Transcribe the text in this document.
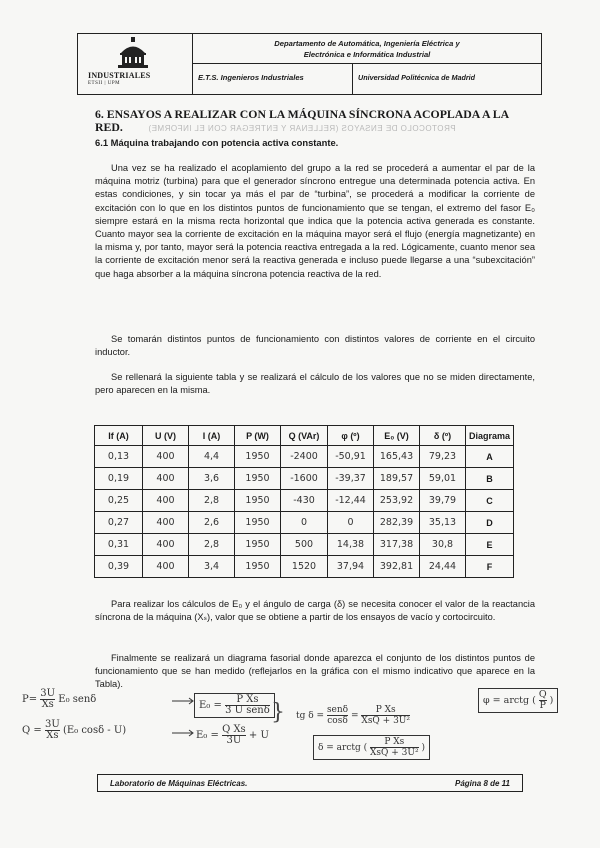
INDUSTRIALES
ETSII | UPM
Departamento de Automática, Ingeniería Eléctrica y
Electrónica e Informática Industrial
E.T.S. Ingenieros Industriales	Universidad Politécnica de Madrid
PROTOCOLO DE ENSAYOS (RELLENAR Y ENTREGAR CON EL INFORME)
6. ENSAYOS A REALIZAR CON LA MÁQUINA SÍNCRONA ACOPLADA A LA RED.
6.1 Máquina trabajando con potencia activa constante.

Una vez se ha realizado el acoplamiento del grupo a la red se procederá a aumentar el par de la máquina motriz (turbina) para que el generador síncrono entregue una determinada potencia activa. En estas condiciones, y sin tocar ya más el par de “turbina”, se procederá a modificar la corriente de excitación con lo que en los distintos puntos de funcionamiento que se tengan, el extremo del fasor E₀ siempre estará en la misma recta horizontal que indica que la potencia activa generada es constante. Cuanto mayor sea la corriente de excitación en la máquina mayor será el flujo (energía magnetizante) en la misma y, por tanto, mayor será la potencia reactiva entregada a la red. Lógicamente, cuanto menor sea la corriente de excitación menor será la reactiva generada e incluso puede llegarse a una “subexcitación” que haga absorber a la máquina síncrona potencia reactiva de la red.

Se tomarán distintos puntos de funcionamiento con distintos valores de corriente en el circuito inductor.

Se rellenará la siguiente tabla y se realizará el cálculo de los valores que no se miden directamente, pero aparecen en la misma.

If (A)	U (V)	I (A)	P (W)	Q (VAr)	φ (º)	E₀ (V)	δ (º)	Diagrama
0,13	400	4,4	1950	-2400	-50,91	165,43	79,23	A
0,19	400	3,6	1950	-1600	-39,37	189,57	59,01	B
0,25	400	2,8	1950	-430	-12,44	253,92	39,79	C
0,27	400	2,6	1950	0	0	282,39	35,13	D
0,31	400	2,8	1950	500	14,38	317,38	30,8	E
0,39	400	3,4	1950	1520	37,94	392,81	24,44	F

Para realizar los cálculos de E₀ y el ángulo de carga (δ) se necesita conocer el valor de la reactancia síncrona de la máquina (Xₛ), valor que se obtiene a partir de los ensayos de vacío y cortocircuito.

Finalmente se realizará un diagrama fasorial donde aparezca el conjunto de los distintos puntos de funcionamiento que se han medido (reflejarlos en la gráfica con el mismo indicativo que aparece en la Tabla).

$P= \frac{3U}{Xs} E_0$ senδ
$Q = \frac{3U}{Xs} (E_0$ cosδ - U)
$E_0 = \frac{\text{P Xs}}{\text{3 U senδ}}$
$E_0 = \frac{\text{Q Xs}}{3U} + U$
} tg $\delta = \frac{\text{senδ}}{\cos\delta} = \frac{\text{P Xs}}{\text{XsQ + 3U²}}$
δ = arctg ( $\frac{\text{P Xs}}{\text{XsQ + 3U²}}$ )
φ = arctg ( $\frac{Q}{P}$ )
Laboratorio de Máquinas Eléctricas.	Página 8 de 11
